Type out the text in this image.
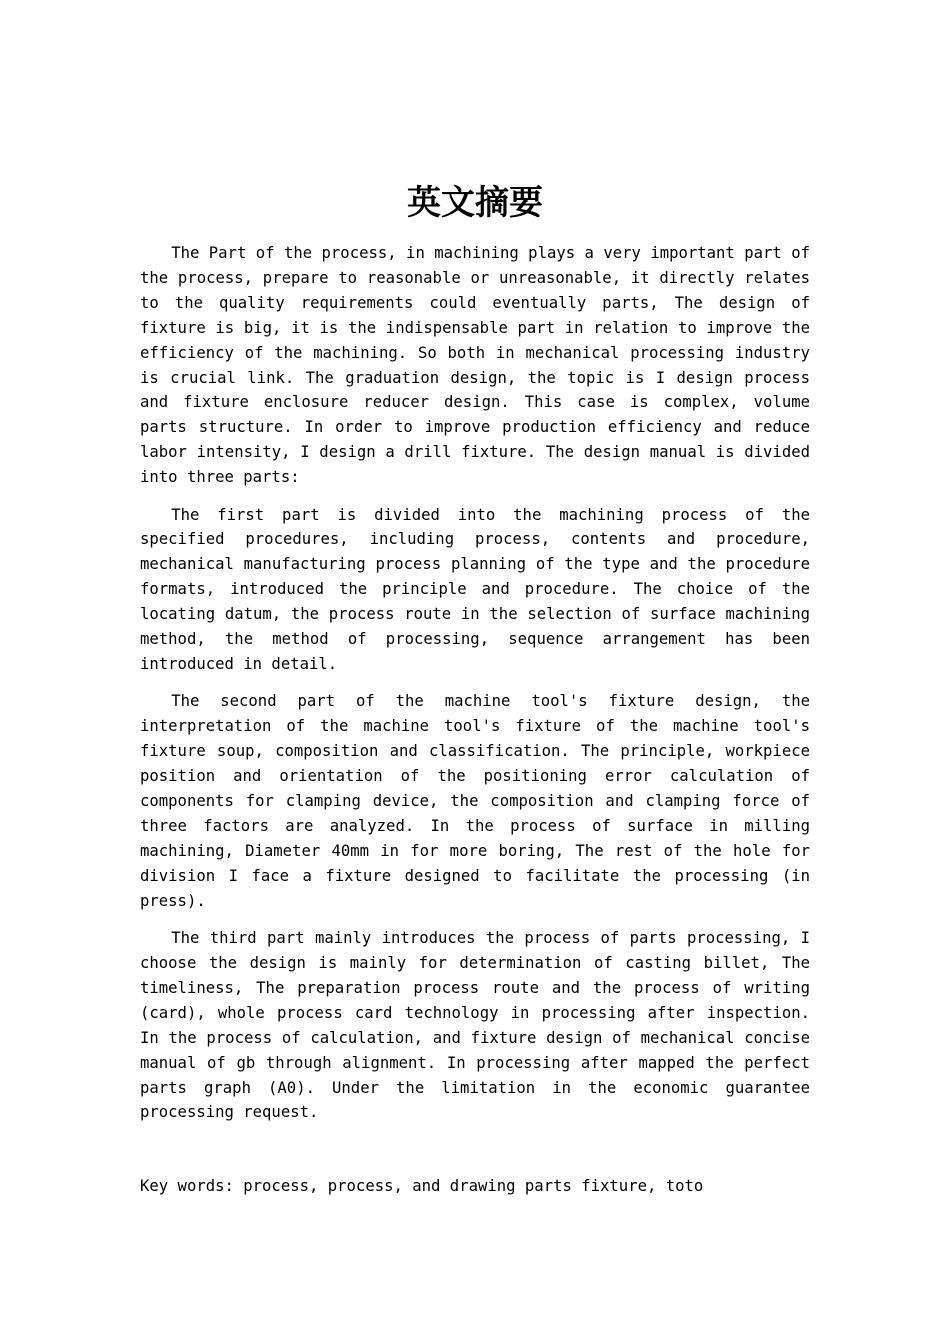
英文摘要

The Part of the process, in machining plays a very important part of the process, prepare to reasonable or unreasonable, it directly relates to the quality requirements could eventually parts, The design of fixture is big, it is the indispensable part in relation to improve the efficiency of the machining. So both in mechanical processing industry is crucial link. The graduation design, the topic is I design process and fixture enclosure reducer design. This case is complex, volume parts structure. In order to improve production efficiency and reduce labor intensity, I design a drill fixture. The design manual is divided into three parts:

The first part is divided into the machining process of the specified procedures, including process, contents and procedure, mechanical manufacturing process planning of the type and the procedure formats, introduced the principle and procedure. The choice of the locating datum, the process route in the selection of surface machining method, the method of processing, sequence arrangement has been introduced in detail.

The second part of the machine tool's fixture design, the interpretation of the machine tool's fixture of the machine tool's fixture soup, composition and classification. The principle, workpiece position and orientation of the positioning error calculation of components for clamping device, the composition and clamping force of three factors are analyzed. In the process of surface in milling machining, Diameter 40mm in for more boring, The rest of the hole for division I face a fixture designed to facilitate the processing (in press).

The third part mainly introduces the process of parts processing, I choose the design is mainly for determination of casting billet, The timeliness, The preparation process route and the process of writing (card), whole process card technology in processing after inspection. In the process of calculation, and fixture design of mechanical concise manual of gb through alignment. In processing after mapped the perfect parts graph (A0). Under the limitation in the economic guarantee processing request.

Key words: process, process, and drawing parts fixture, toto
